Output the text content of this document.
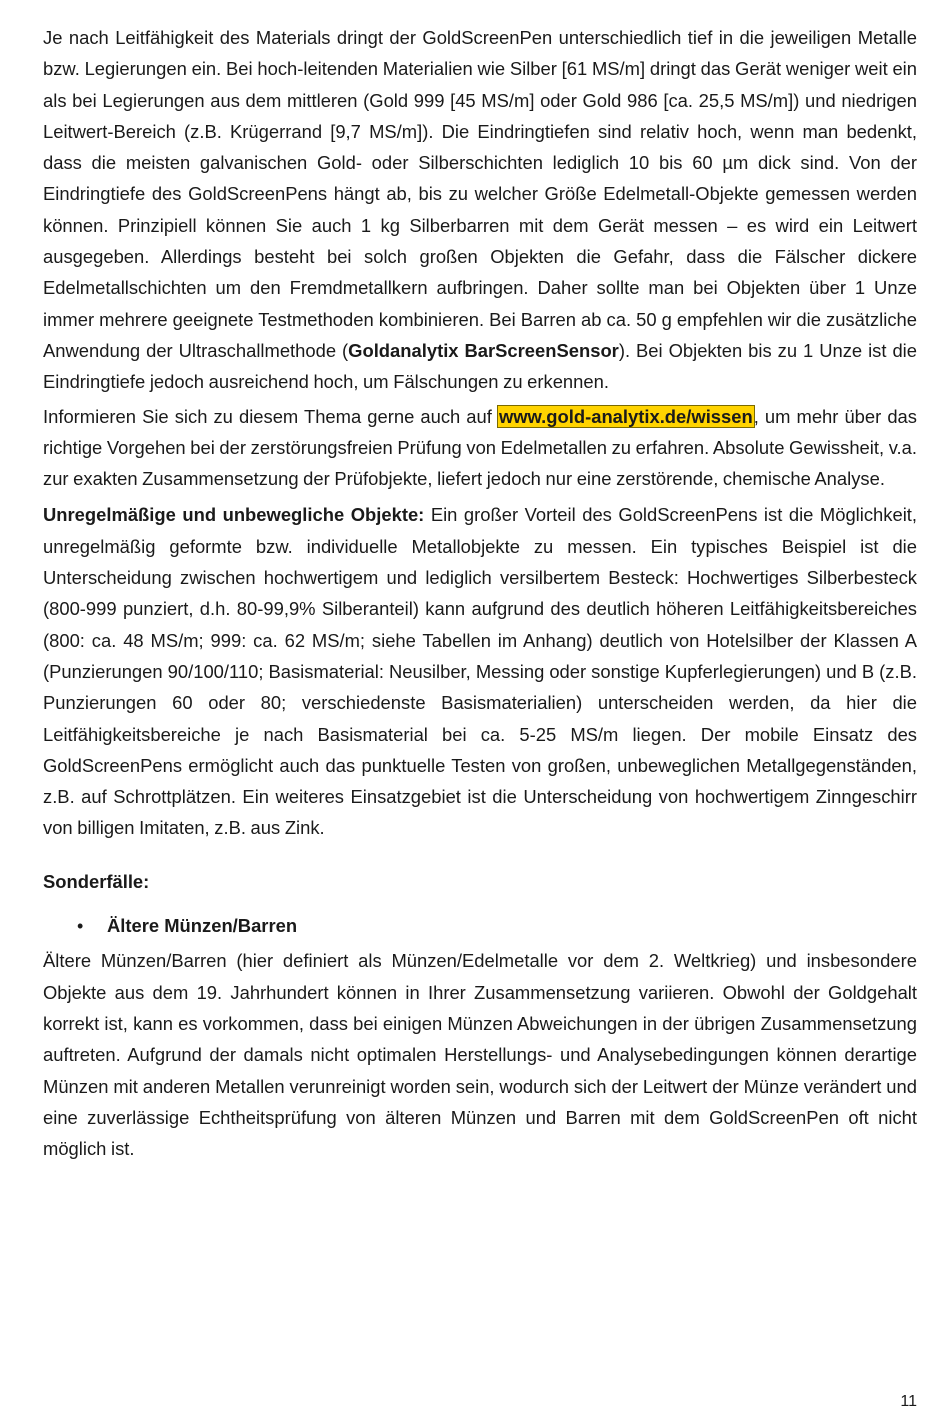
Je nach Leitfähigkeit des Materials dringt der GoldScreenPen unterschiedlich tief in die jeweiligen Metalle bzw. Legierungen ein. Bei hoch-leitenden Materialien wie Silber [61 MS/m] dringt das Gerät weniger weit ein als bei Legierungen aus dem mittleren (Gold 999 [45 MS/m] oder Gold 986 [ca. 25,5 MS/m]) und niedrigen Leitwert-Bereich (z.B. Krügerrand [9,7 MS/m]). Die Eindringtiefen sind relativ hoch, wenn man bedenkt, dass die meisten galvanischen Gold- oder Silberschichten lediglich 10 bis 60 µm dick sind. Von der Eindringtiefe des GoldScreenPens hängt ab, bis zu welcher Größe Edelmetall-Objekte gemessen werden können. Prinzipiell können Sie auch 1 kg Silberbarren mit dem Gerät messen – es wird ein Leitwert ausgegeben. Allerdings besteht bei solch großen Objekten die Gefahr, dass die Fälscher dickere Edelmetallschichten um den Fremdmetallkern aufbringen. Daher sollte man bei Objekten über 1 Unze immer mehrere geeignete Testmethoden kombinieren. Bei Barren ab ca. 50 g empfehlen wir die zusätzliche Anwendung der Ultraschallmethode (Goldanalytix BarScreenSensor). Bei Objekten bis zu 1 Unze ist die Eindringtiefe jedoch ausreichend hoch, um Fälschungen zu erkennen.

Informieren Sie sich zu diesem Thema gerne auch auf www.gold-analytix.de/wissen, um mehr über das richtige Vorgehen bei der zerstörungsfreien Prüfung von Edelmetallen zu erfahren. Absolute Gewissheit, v.a. zur exakten Zusammensetzung der Prüfobjekte, liefert jedoch nur eine zerstörende, chemische Analyse.

Unregelmäßige und unbewegliche Objekte: Ein großer Vorteil des GoldScreenPens ist die Möglichkeit, unregelmäßig geformte bzw. individuelle Metallobjekte zu messen. Ein typisches Beispiel ist die Unterscheidung zwischen hochwertigem und lediglich versilbertem Besteck: Hochwertiges Silberbesteck (800-999 punziert, d.h. 80-99,9% Silberanteil) kann aufgrund des deutlich höheren Leitfähigkeitsbereiches (800: ca. 48 MS/m; 999: ca. 62 MS/m; siehe Tabellen im Anhang) deutlich von Hotelsilber der Klassen A (Punzierungen 90/100/110; Basismaterial: Neusilber, Messing oder sonstige Kupferlegierungen) und B (z.B. Punzierungen 60 oder 80; verschiedenste Basismaterialien) unterscheiden werden, da hier die Leitfähigkeitsbereiche je nach Basismaterial bei ca. 5-25 MS/m liegen. Der mobile Einsatz des GoldScreenPens ermöglicht auch das punktuelle Testen von großen, unbeweglichen Metallgegenständen, z.B. auf Schrottplätzen. Ein weiteres Einsatzgebiet ist die Unterscheidung von hochwertigem Zinngeschirr von billigen Imitaten, z.B. aus Zink.

Sonderfälle:

•	Ältere Münzen/Barren

Ältere Münzen/Barren (hier definiert als Münzen/Edelmetalle vor dem 2. Weltkrieg) und insbesondere Objekte aus dem 19. Jahrhundert können in Ihrer Zusammensetzung variieren. Obwohl der Goldgehalt korrekt ist, kann es vorkommen, dass bei einigen Münzen Abweichungen in der übrigen Zusammensetzung auftreten. Aufgrund der damals nicht optimalen Herstellungs- und Analysebedingungen können derartige Münzen mit anderen Metallen verunreinigt worden sein, wodurch sich der Leitwert der Münze verändert und eine zuverlässige Echtheitsprüfung von älteren Münzen und Barren mit dem GoldScreenPen oft nicht möglich ist.

11
